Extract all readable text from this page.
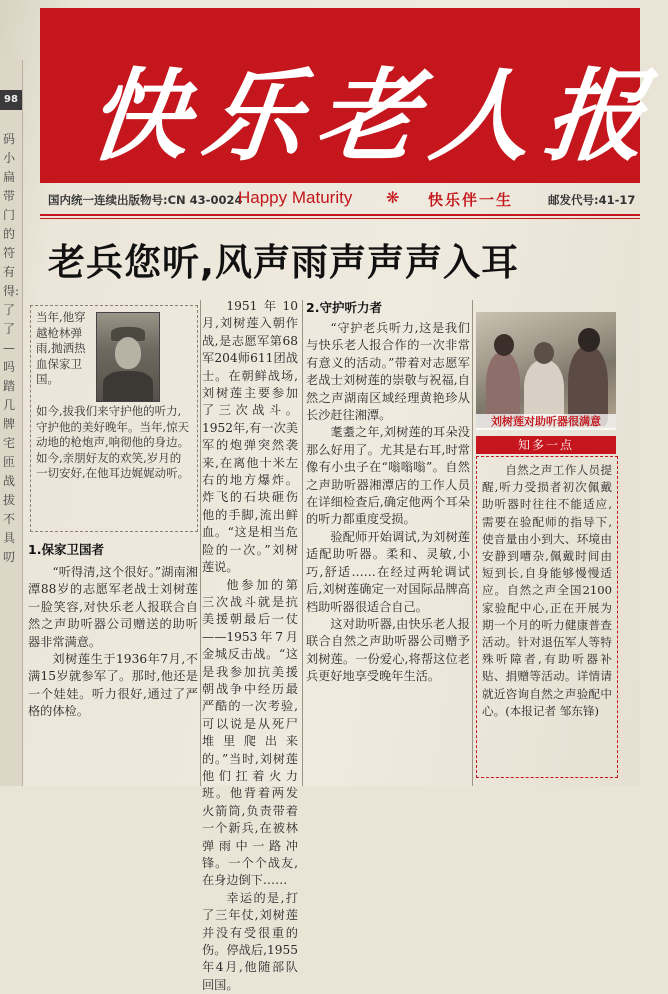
98
码小扁带门的符有得: 了了—吗踏几牌宅 匝 战拔不具叨
快乐老人报
国内统一连续出版物号:CN 43-0024
Happy Maturity ❋	快乐伴一生	邮发代号:41-17
老兵您听,风声雨声声声入耳
当年,他穿越枪林弹雨,抛洒热血保家卫国。
如今,拔我们来守护他的听力,守护他的美好晚年。当年,惊天动地的枪炮声,响彻他的身边。如今,亲朋好友的欢笑,岁月的一切安好,在他耳边娓娓动听。
1.保家卫国者

“听得清,这个很好。”湖南湘潭88岁的志愿军老战士刘树莲一脸笑容,对快乐老人报联合自然之声助听器公司赠送的助听器非常满意。

刘树莲生于1936年7月,不满15岁就参军了。那时,他还是一个娃娃。听力很好,通过了严格的体检。

1951年10月,刘树莲入朝作战,是志愿军第68军204师611团战士。在朝鲜战场,刘树莲主要参加了三次战斗。1952年,有一次美军的炮弹突然袭来,在离他十米左右的地方爆炸。炸飞的石块砸伤他的手脚,流出鲜血。“这是相当危险的一次。”刘树莲说。

他参加的第三次战斗就是抗美援朝最后一仗——1953年7月金城反击战。“这是我参加抗美援朝战争中经历最严酷的一次考验,可以说是从死尸堆里爬出来的。”当时,刘树莲他们扛着火力班。他背着两发火箭筒,负责带着一个新兵,在被林弹雨中一路冲锋。一个个战友,在身边倒下……

幸运的是,打了三年仗,刘树莲并没有受很重的伤。停战后,1955年4月,他随部队回国。

2.守护听力者

“守护老兵听力,这是我们与快乐老人报合作的一次非常有意义的活动。”带着对志愿军老战士刘树莲的崇敬与祝福,自然之声湖南区域经理黄艳珍从长沙赶往湘潭。

耄耋之年,刘树莲的耳朵没那么好用了。尤其是右耳,时常像有小虫子在“嗡嗡嗡”。自然之声助听器湘潭店的工作人员在详细检查后,确定他两个耳朵的听力都重度受损。

验配师开始调试,为刘树莲适配助听器。柔和、灵敏,小巧,舒适……在经过两轮调试后,刘树莲确定一对国际品牌高档助听器很适合自己。

这对助听器,由快乐老人报联合自然之声助听器公司赠予刘树莲。一份爱心,将帮这位老兵更好地享受晚年生活。

刘树莲对助听器很满意
知多一点
自然之声工作人员提醒,听力受损者初次佩戴助听器时往往不能适应,需要在验配师的指导下,使音量由小到大、环境由安静到嘈杂,佩戴时间由短到长,自身能够慢慢适应。自然之声全国2100家验配中心,正在开展为期一个月的听力健康普查活动。针对退伍军人等特殊听障者,有助听器补贴、捐赠等活动。详情请就近咨询自然之声验配中心。(本报记者 邹东锋)
